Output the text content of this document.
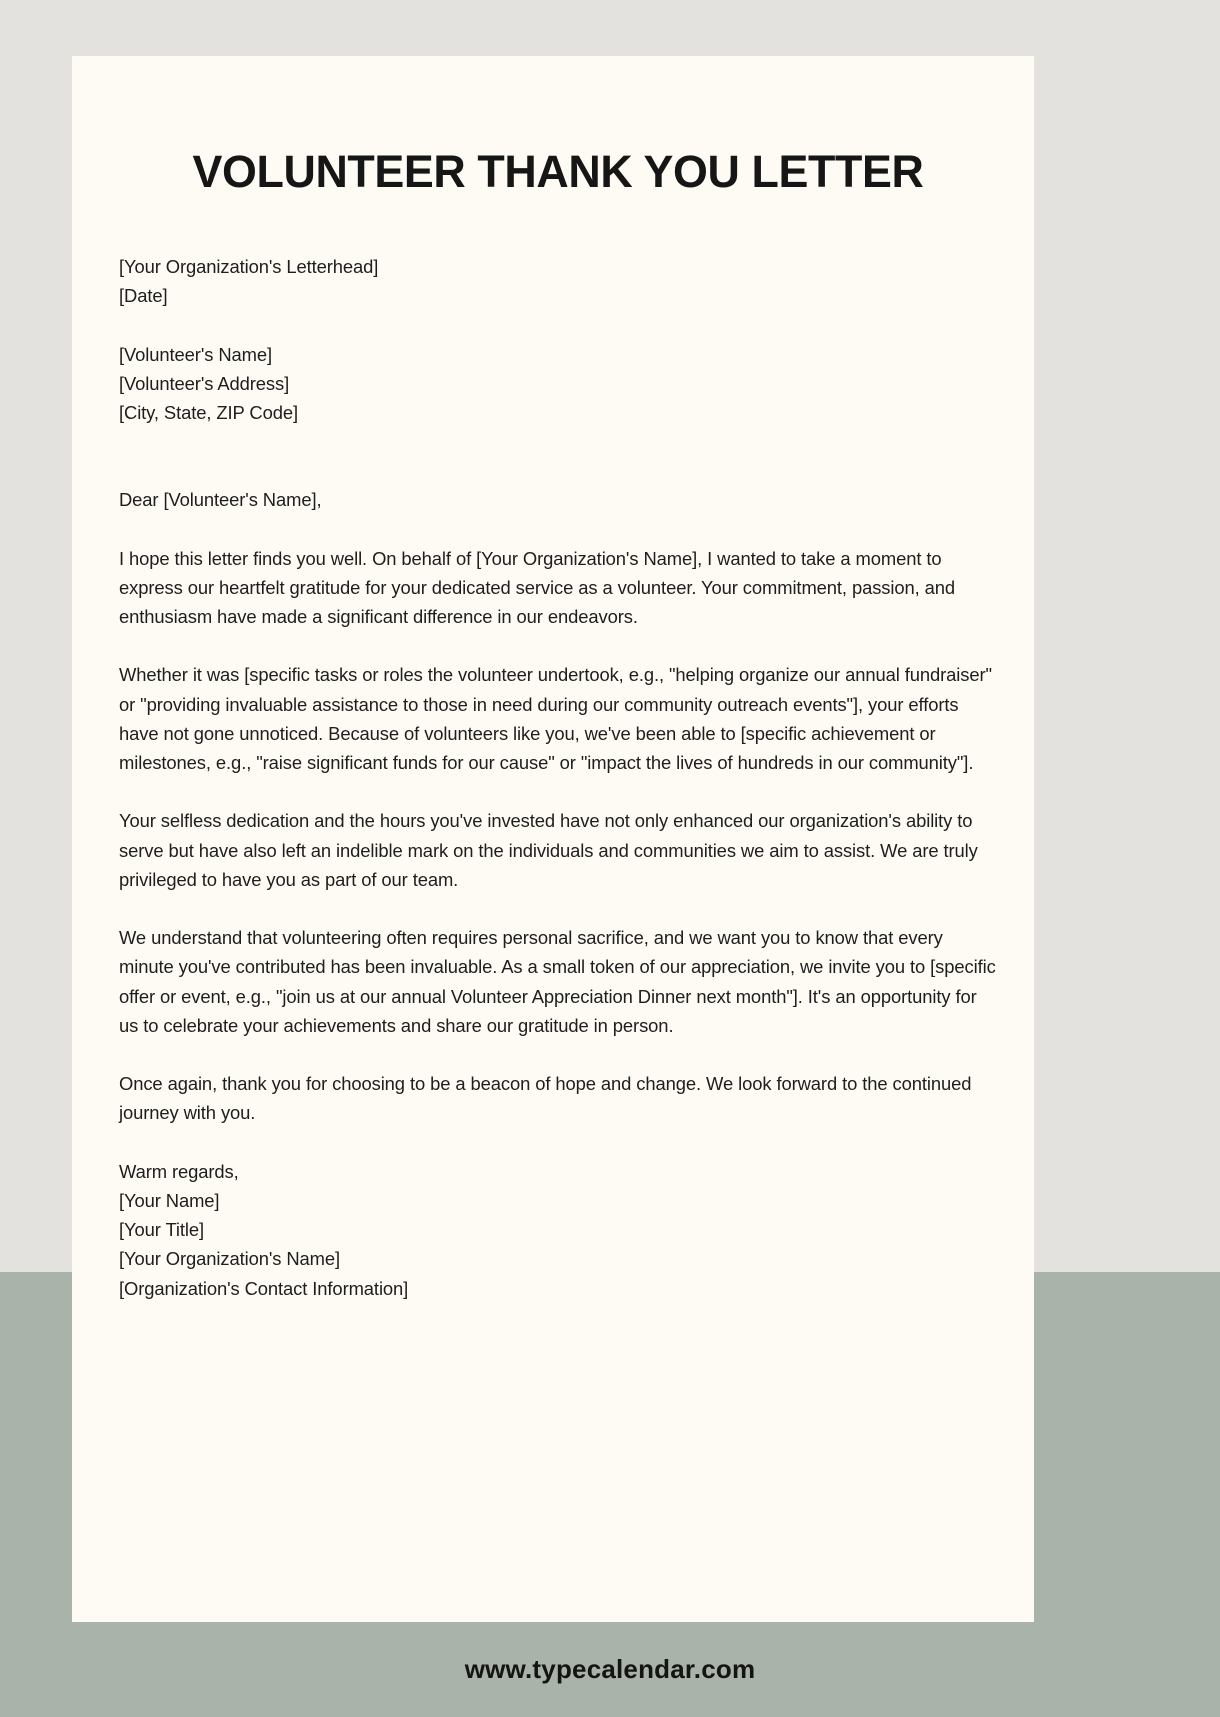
VOLUNTEER THANK YOU LETTER
[Your Organization's Letterhead]
[Date]
[Volunteer's Name]
[Volunteer's Address]
[City, State, ZIP Code]
Dear [Volunteer's Name],

I hope this letter finds you well. On behalf of [Your Organization's Name], I wanted to take a moment to express our heartfelt gratitude for your dedicated service as a volunteer. Your commitment, passion, and enthusiasm have made a significant difference in our endeavors.

Whether it was [specific tasks or roles the volunteer undertook, e.g., "helping organize our annual fundraiser" or "providing invaluable assistance to those in need during our community outreach events"], your efforts have not gone unnoticed. Because of volunteers like you, we've been able to [specific achievement or milestones, e.g., "raise significant funds for our cause" or "impact the lives of hundreds in our community"].

Your selfless dedication and the hours you've invested have not only enhanced our organization's ability to serve but have also left an indelible mark on the individuals and communities we aim to assist. We are truly privileged to have you as part of our team.

We understand that volunteering often requires personal sacrifice, and we want you to know that every minute you've contributed has been invaluable. As a small token of our appreciation, we invite you to [specific offer or event, e.g., "join us at our annual Volunteer Appreciation Dinner next month"]. It's an opportunity for us to celebrate your achievements and share our gratitude in person.

Once again, thank you for choosing to be a beacon of hope and change. We look forward to the continued journey with you.

Warm regards,
[Your Name]
[Your Title]
[Your Organization's Name]
[Organization's Contact Information]
www.typecalendar.com
